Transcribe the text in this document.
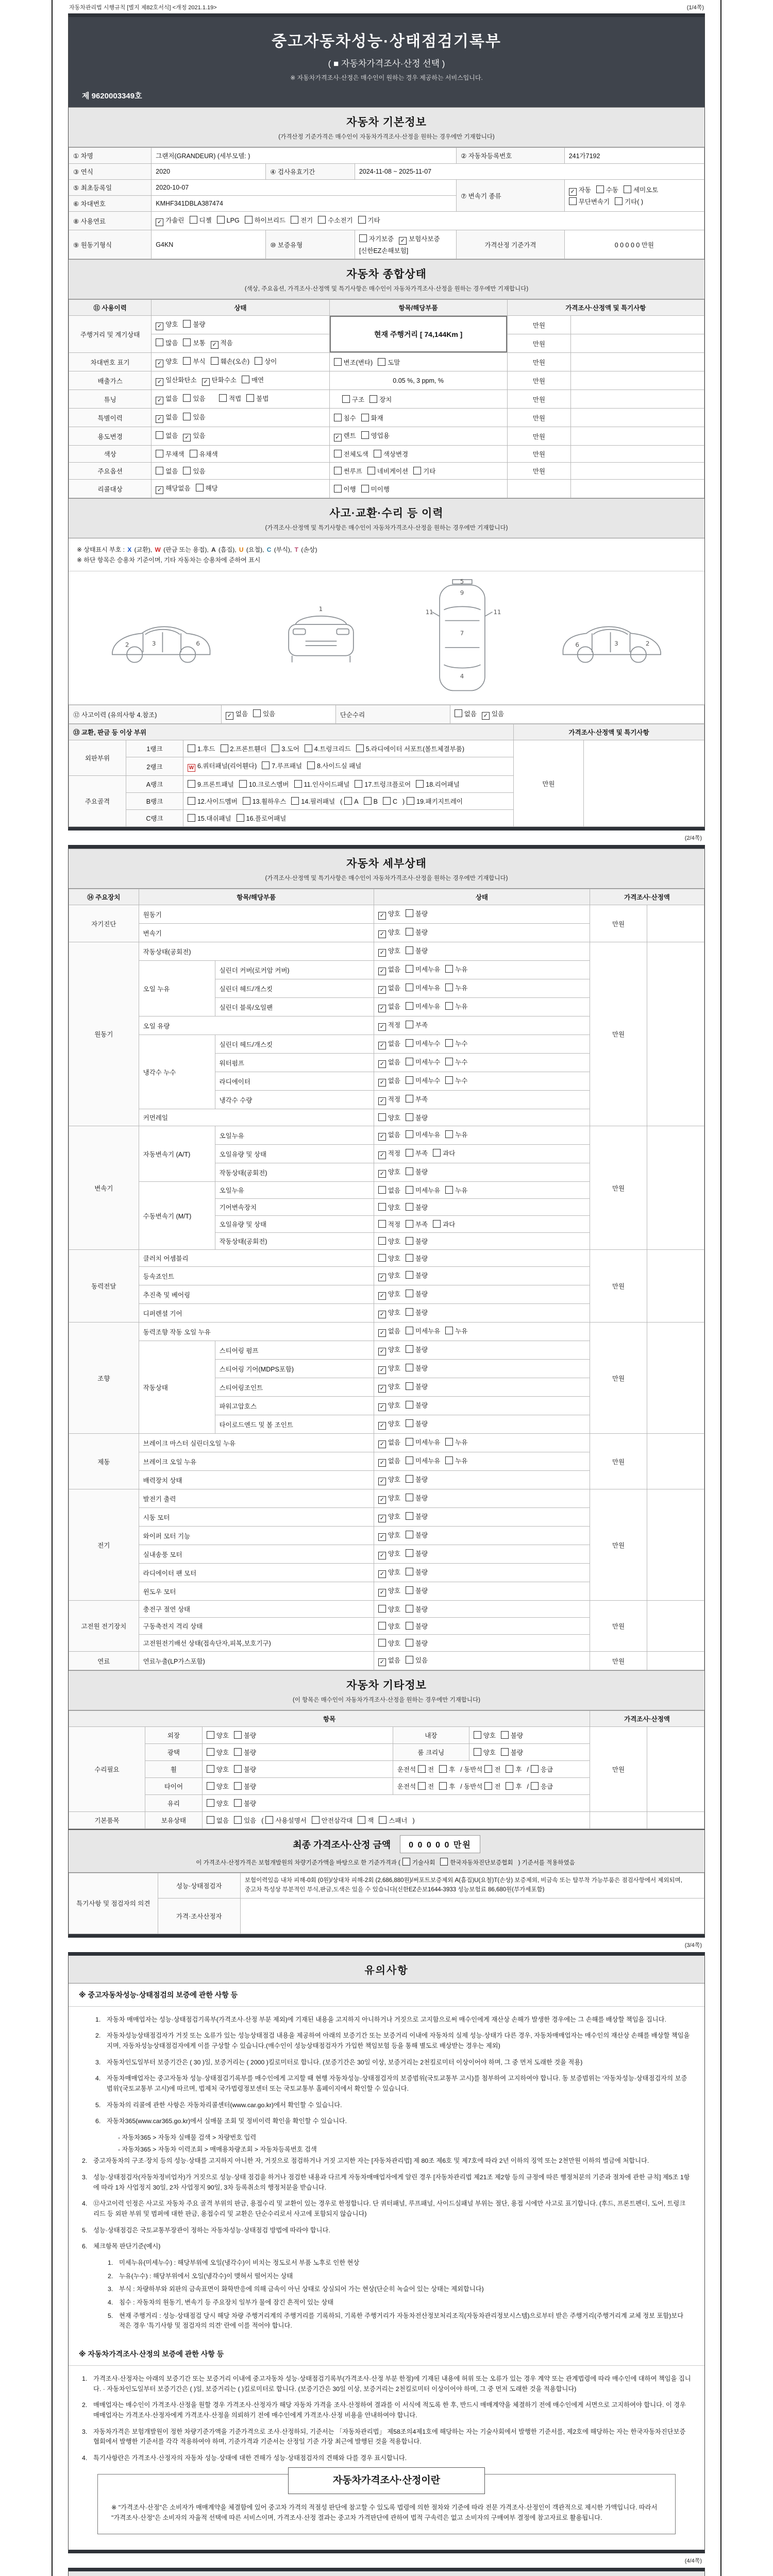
자동차관리법 시행규칙 [별지 제82호서식] <개정 2021.1.19>	(1/4쪽)
중고자동차성능·상태점검기록부
( ■ 자동차가격조사·산정 선택 )
※ 자동차가격조사·산정은 매수인이 원하는 경우 제공하는 서비스입니다.
제 9620003349호
자동차 기본정보
(가격산정 기준가격은 매수인이 자동차가격조사·산정을 원하는 경우에만 기재합니다)
① 차명	그랜저(GRANDEUR) (세부모델: )			② 자동차등록번호	241가7192
③ 연식	2020	④ 검사유효기간	2024-11-08 ~ 2025-11-07		
⑤ 최초등록일	2020-10-07			⑦ 변속기 종류	✓자동 수동 세미오토무단변속기 기타( )
⑥ 차대번호	KMHF341DBLA387474				
⑧ 사용연료	✓가솔린 디젤 LPG 하이브리드 전기 수소전기 기타
⑨ 원동기형식	G4KN	⑩ 보증유형	자기보증 ✓ 보험사보증[신한EZ손해보험]	가격산정 기준가격	0 0 0 0 0 만원
자동차 종합상태
(색상, 주요옵션, 가격조사·산정액 및 특기사항은 매수인이 자동차가격조사·산정을 원하는 경우에만 기재합니다)
⑪ 사용이력	상태	항목/해당부품	가격조사·산정액 및 특기사항	
주행거리 및 계기상태	✓양호 불량	현재 주행거리 [ 74,144Km ]	만원	
	많음 보통 ✓ 적음		만원	
차대번호 표기	✓양호 부식 훼손(오손) 상이	변조(변타) 도말	만원	
배출가스	✓일산화탄소 ✓ 탄화수소 매연	0.05 %, 3 ppm, %	만원	
튜닝	✓없음 있음　 적법 불법	　구조 장치	만원	
특별이력	✓없음 있음	침수 화재	만원	
용도변경	없음 ✓ 있음	✓렌트 영업용	만원	
색상	무채색 유채색	전체도색 색상변경	만원	
주요옵션	없음 있음	썬루프 네비게이션 기타	만원	
리콜대상	✓해당없음 해당	이행 미이행		
사고·교환·수리 등 이력
(가격조사·산정액 및 특기사항은 매수인이 자동차가격조사·산정을 원하는 경우에만 기재합니다)
※ 상태표시 부호 : X (교환), W (판금 또는 용접), A (흠집), U (요철), C (부식), T (손상)
※ 하단 항목은 승용차 기준이며, 기타 자동차는 승용차에 준하여 표시
2	3	6
1
5
9
11	11
7
4
6	3	2
⑫ 사고이력 (유의사항 4.참조)	✓없음 있음	단순수리	없음 ✓ 있음
⑬ 교환, 판금 등 이상 부위			가격조사·산정액 및 특기사항	
외판부위	1랭크	1.후드 2.프론트휀더 3.도어 4.트렁크리드 5.라디에이터 서포트(볼트체결부품)	만원	
	2랭크	W6.쿼터패널(리어휀다) 7.루프패널 8.사이드실 패널
주요골격	A랭크	9.프론트패널 10.크로스멤버 11.인사이드패널 17.트렁크플로어 18.리어패널		
	B랭크	12.사이드멤버 13.휠하우스 14.필러패널 ( A B C ) 19.패키지트레이		
	C랭크	15.대쉬패널 16.플로어패널		
(2/4쪽)
자동차 세부상태
(가격조사·산정액 및 특기사항은 매수인이 자동차가격조사·산정을 원하는 경우에만 기재합니다)
⑭ 주요장치	항목/해당부품		상태	가격조사·산정액	
자기진단	원동기	✓양호 불량	만원	
	변속기	✓양호 불량
원동기	작동상태(공회전)	✓양호 불량	만원	
	오일 누유	실린더 커버(로커암 커버)	✓없음 미세누유 누유
		실린더 헤드/개스킷	✓없음 미세누유 누유
		실린더 블록/오일팬	✓없음 미세누유 누유
	오일 유량	✓적정 부족
	냉각수 누수	실린더 헤드/개스킷	✓없음 미세누수 누수
		워터펌프	✓없음 미세누수 누수
		라디에이터	✓없음 미세누수 누수
		냉각수 수량	✓적정 부족
	커먼레일		양호 불량		
변속기	자동변속기 (A/T)	오일누유	✓없음 미세누유 누유	만원	
		오일유량 및 상태	✓적정 부족 과다
		작동상태(공회전)	✓양호 불량
	수동변속기 (M/T)	오일누유	없음 미세누유 누유		
		기어변속장치	양호 불량		
		오일유량 및 상태	적정 부족 과다		
		작동상태(공회전)	양호 불량		
동력전달	클러치 어셈블리		양호 불량	만원	
	등속죠인트	✓양호 불량
	추진축 및 베어링	✓양호 불량
	디퍼렌셜 기어	✓양호 불량
조향	동력조향 작동 오일 누유	✓없음 미세누유 누유	만원	
	작동상태	스티어링 펌프	✓양호 불량
		스티어링 기어(MDPS포함)	✓양호 불량
		스티어링조인트	✓양호 불량
		파워고압호스	✓양호 불량
		타이로드엔드 및 볼 조인트	✓양호 불량
제동	브레이크 마스터 실린더오일 누유	✓없음 미세누유 누유	만원	
	브레이크 오일 누유	✓없음 미세누유 누유
	배력장치 상태	✓양호 불량
전기	발전기 출력	✓양호 불량	만원	
	시동 모터	✓양호 불량
	와이퍼 모터 기능	✓양호 불량
	실내송풍 모터	✓양호 불량
	라디에이터 팬 모터	✓양호 불량
	윈도우 모터	✓양호 불량
고전원 전기장치	충전구 절연 상태		양호 불량	만원	
	구동축전지 격리 상태		양호 불량		
	고전원전기배선 상태(접속단자,피복,보호기구)		양호 불량		
연료	연료누출(LP가스포함)	✓없음 있음	만원	
자동차 기타정보
(이 항목은 매수인이 자동차가격조사·산정을 원하는 경우에만 기재합니다)
항목					가격조사·산정액	
수리필요	외장	양호 불량	내장	양호 불량	만원	
	광택	양호 불량	룸 크리닝	양호 불량		
	휠	양호 불량	운전석 전 후 / 동반석 전 후 / 응급			
	타이어	양호 불량	운전석 전 후 / 동반석 전 후 / 응급			
	유리	양호 불량				
기본품목	보유상태	없음 있음 ( 사용설명서 안전삼각대 잭 스패너 )				
최종 가격조사·산정 금액	0 0 0 0 0 만원
이 가격조사·산정가격은 보험개발원의 차량기준가액을 바탕으로 한 기준가격과 ( 기술사회	한국자동차진단보증협회 ) 기준서를 적용하였음
특기사항 및 점검자의 의견	성능·상태점검자	보험이력있음 내차 피해-0회 (0원)/상대차 피해-2회 (2,686,880원)/써포트보증제외 A(흠집)U(요철)T(손상) 보증제외, 비금속 또는 탈부착 가능부품은 점검사항에서 제외되며, 중고차 특성상 부분적인 부식,판금,도색은 있을 수 있습니다(신한EZ손보1644-3933 성능보험료 86,680원(부가세포함)
	가격·조사산정자	
(3/4쪽)
유의사항
※ 중고자동차성능·상태점검의 보증에 관한 사항 등
1. 자동차 매매업자는 성능·상태점검기록부(가격조사·산정 부분 제외)에 기재된 내용을 고지하지 아니하거나 거짓으로 고지함으로써 매수인에게 재산상 손해가 발생한 경우에는 그 손해를 배상할 책임을 집니다.
2. 자동차성능상태점검자가 거짓 또는 오류가 있는 성능상태점검 내용을 제공하여 아래의 보증기간 또는 보증거리 이내에 자동차의 실제 성능·상태가 다른 경우, 자동차매매업자는 매수인의 재산상 손해를 배상할 책임을 지며, 자동차성능상태점검자에게 이를 구상할 수 있습니다.(매수인이 성능상태점검자가 가입한 책임보험 등을 통해 별도로 배상받는 경우는 제외)
3. 자동차인도일부터 보증기간은 ( 30 )일, 보증거리는 ( 2000 )킬로미터로 합니다. (보증기간은 30일 이상, 보증거리는 2천킬로미터 이상이어야 하며, 그 중 먼저 도래한 것을 적용)
4. 자동차매매업자는 중고자동차 성능·상태점검기록부를 매수인에게 고지할 때 현행 자동차성능·상태점검자의 보증범위(국토교통부 고시)를 첨부하여 고지하여야 합니다. 동 보증범위는 '자동차성능·상태점검자의 보증범위'(국토교통부 고시)에 따르며, 법제처 국가법령정보센터 또는 국토교통부 홈페이지에서 확인할 수 있습니다.
5. 자동차의 리콜에 관한 사항은 자동차리콜센터(www.car.go.kr)에서 확인할 수 있습니다.
6. 자동차365(www.car365.go.kr)에서 실매물 조회 및 정비이력 확인을 확인할 수 있습니다.
- 자동차365 > 자동차 실매물 검색 > 차량번호 입력
- 자동차365 > 자동차 이력조회 > 매매용차량조회 > 자동차등록번호 검색
2. 중고자동차의 구조·장치 등의 성능·상태를 고지하지 아니한 자, 거짓으로 점검하거나 거짓 고지한 자는 [자동차관리법] 제 80조 제6호 및 제7호에 따라 2년 이하의 징역 또는 2천만원 이하의 벌금에 처합니다.
3. 성능·상태점검자(자동차정비업자)가 거짓으로 성능·상태 점검을 하거나 점검한 내용과 다르게 자동차매매업자에게 알린 경우 [자동차관리법 제21조 제2항 등의 규정에 따른 행정처분의 기준과 절차에 관한 규칙] 제5조 1항에 따라 1차 사업정지 30일, 2차 사업정지 90일, 3차 등록취소의 행정처분을 받습니다.
4. ⑫사고이력 인정은 사고로 자동차 주요 골격 부위의 판금, 용접수리 및 교환이 있는 경우로 한정합니다. 단 쿼터패널, 루프패널, 사이드실패널 부위는 절단, 용접 시에만 사고로 표기합니다. (후드, 프론트펜더, 도어, 트렁크리드 등 외판 부위 및 범퍼에 대한 판금, 용접수리 및 교환은 단순수리로서 사고에 포함되지 않습니다)
5. 성능·상태점검은 국토교통부장관이 정하는 자동차성능·상태점검 방법에 따라야 합니다.
6. 체크항목 판단기준(예시)
1. 미세누유(미세누수) : 해당부위에 오일(냉각수)이 비치는 정도로서 부품 노후로 인한 현상
2. 누유(누수) : 해당부위에서 오일(냉각수)이 맺혀서 떨어지는 상태
3. 부식 : 차량하부와 외판의 금속표면이 화학반응에 의해 금속이 아닌 상태로 상실되어 가는 현상(단순히 녹슬어 있는 상태는 제외합니다)
4. 침수 : 자동차의 원동기, 변속기 등 주요장치 일부가 물에 잠긴 흔적이 있는 상태
5. 현재 주행거리 : 성능·상태점검 당시 해당 차량 주행거리계의 주행거리를 기록하되, 기록한 주행거리가 자동차전산정보처리조직(자동차관리정보시스템)으로부터 받은 주행거리(주행거리계 교체 정보 포함)보다 적은 경우 '특기사항 및 점검자의 의견' 란에 이를 적어야 합니다.
※ 자동차가격조사·산정의 보증에 관한 사항 등
1. 가격조사·산정자는 아래의 보증기간 또는 보증거리 이내에 중고자동차 성능·상태점검기록부(가격조사·산정 부분 한정)에 기재된 내용에 허위 또는 오류가 있는 경우 계약 또는 관계법령에 따라 매수인에 대하여 책임을 집니다. · 자동차인도일부터 보증기간은 ( )일, 보증거리는 ( )킬로미터로 합니다. (보증기간은 30일 이상, 보증거리는 2천킬로미터 이상이어야 하며, 그 중 먼저 도래한 것을 적용합니다)
2. 매매업자는 매수인이 가격조사·산정을 원할 경우 가격조사·산정자가 해당 자동차 가격을 조사·산정하여 결과를 이 서식에 적도록 한 후, 반드시 매매계약을 체결하기 전에 매수인에게 서면으로 고지하여야 합니다. 이 경우 매매업자는 가격조사·산정자에게 가격조사·산정을 의뢰하기 전에 매수인에게 가격조사·산정 비용을 안내하여야 합니다.
3. 자동차가격은 보험개발원이 정한 차량기준가액을 기준가격으로 조사·산정하되, 기준서는 「자동차관리법」 제58조의4제1호에 해당하는 자는 기술사회에서 발행한 기준서를, 제2호에 해당하는 자는 한국자동차진단보증협회에서 발행한 기준서를 각각 적용하여야 하며, 기준가격과 기준서는 산정일 기준 가장 최근에 발행된 것을 적용합니다.
4. 특기사항란은 가격조사·산정자의 자동차 성능·상태에 대한 견해가 성능·상태점검자의 견해와 다를 경우 표시합니다.
자동차가격조사·산정이란
※ "가격조사·산정"은 소비자가 매매계약을 체결함에 있어 중고차 가격의 적절성 판단에 참고할 수 있도록 법령에 의한 절차와 기준에 따라 전문 가격조사·산정인이 객관적으로 제시한 가액입니다. 따라서 "가격조사·산정"은 소비자의 자율적 선택에 따른 서비스이며, 가격조사·산정 결과는 중고차 가격판단에 관하여 법적 구속력은 없고 소비자의 구매여부 결정에 참고자료로 활용됩니다.
(4/4쪽)
